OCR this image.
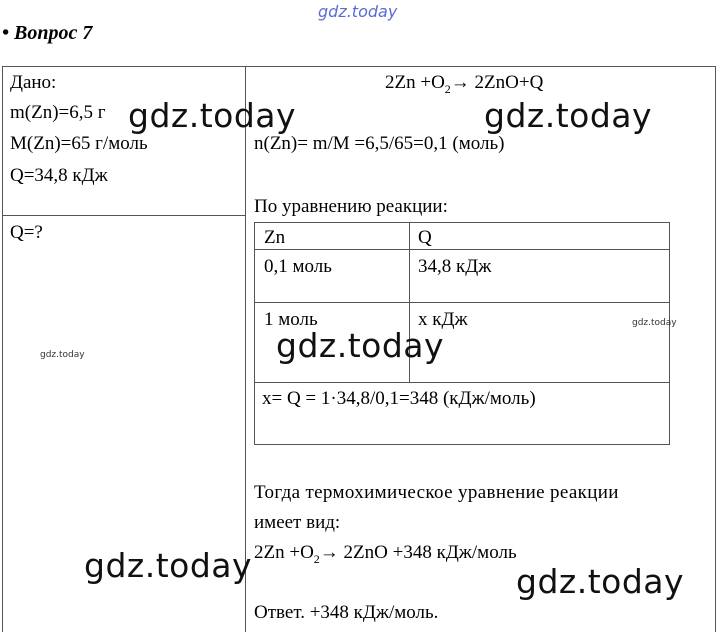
gdz.today
• Вопрос 7
Дано:
m(Zn)=6,5 г
M(Zn)=65 г/моль
Q=34,8 кДж
Q=?
$2Zn +O_2\to 2ZnO+Q$
n(Zn)= m/M =6,5/65=0,1 (моль)
По уравнению реакции:
Zn	Q
0,1 моль	34,8 кДж
1 моль	x кДж
x= Q = 1·34,8/0,1=348 (кДж/моль)
Тогда термохимическое уравнение реакции
имеет вид:
$2Zn +O_2\to 2ZnO +348$ кДж/моль
Ответ. +348 кДж/моль.
gdz.today	gdz.today
gdz.today
gdz.today	gdz.today
gdz.today
gdz.today
